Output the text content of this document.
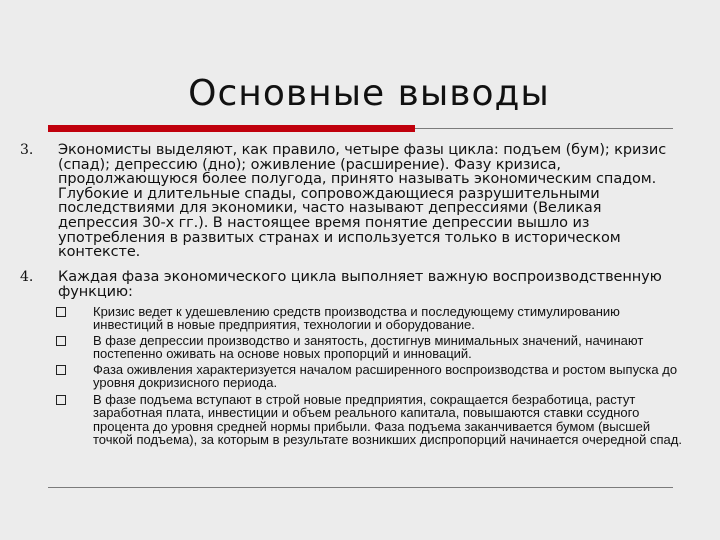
Основные выводы
3. Экономисты выделяют, как правило, четыре фазы цикла: подъем (бум); кризис (спад); депрессию (дно); оживление (расширение). Фазу кризиса, продолжающуюся более полугода, принято называть экономическим спадом. Глубокие и длительные спады, сопровождающиеся разрушительными последствиями для экономики, часто называют депрессиями (Великая депрессия 30-х гг.). В настоящее время понятие депрессии вышло из употребления в развитых странах и используется только в историческом контексте.
4. Каждая фаза экономического цикла выполняет важную воспроизводственную функцию:
Кризис ведет к удешевлению средств производства и последующему стимулированию инвестиций в новые предприятия, технологии и оборудование.
В фазе депрессии производство и занятость, достигнув минимальных значений, начинают постепенно оживать на основе новых пропорций и инноваций.
Фаза оживления характеризуется началом расширенного воспроизводства и ростом выпуска до уровня докризисного периода.
В фазе подъема вступают в строй новые предприятия, сокращается безработица, растут заработная плата, инвестиции и объем реального капитала, повышаются ставки ссудного процента до уровня средней нормы прибыли. Фаза подъема заканчивается бумом (высшей точкой подъема), за которым в результате возникших диспропорций начинается очередной спад.
